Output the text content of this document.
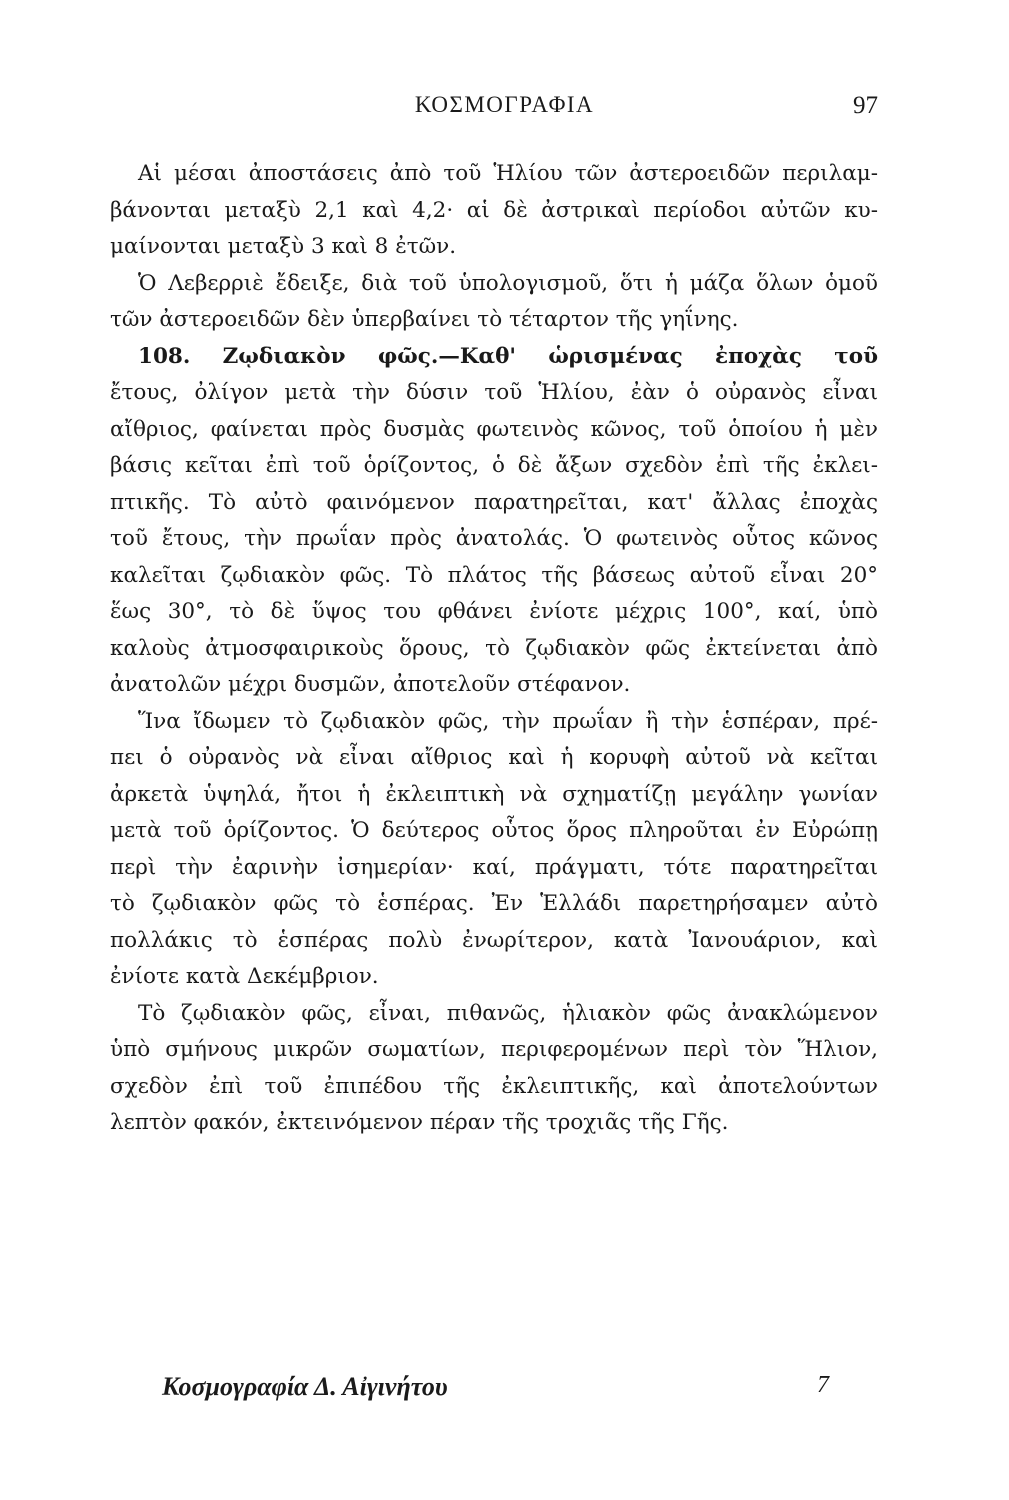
ΚΟΣΜΟΓΡΑΦΙΑ	97
Αἱ μέσαι ἀποστάσεις ἀπὸ τοῦ Ἡλίου τῶν ἀστεροειδῶν περιλαμ-
βάνονται μεταξὺ 2,1 καὶ 4,2· αἱ δὲ ἀστρικαὶ περίοδοι αὐτῶν κυ-
μαίνονται μεταξὺ 3 καὶ 8 ἐτῶν.
Ὁ Λεβερριὲ ἔδειξε, διὰ τοῦ ὑπολογισμοῦ, ὅτι ἡ μάζα ὅλων ὁμοῦ
τῶν ἀστεροειδῶν δὲν ὑπερβαίνει τὸ τέταρτον τῆς γηΐνης.
108. Ζῳδιακὸν φῶς.—Καθ' ὡρισμένας ἐποχὰς τοῦ
ἔτους, ὀλίγον μετὰ τὴν δύσιν τοῦ Ἡλίου, ἐὰν ὁ οὐρανὸς εἶναι
αἴθριος, φαίνεται πρὸς δυσμὰς φωτεινὸς κῶνος, τοῦ ὁποίου ἡ μὲν
βάσις κεῖται ἐπὶ τοῦ ὁρίζοντος, ὁ δὲ ἄξων σχεδὸν ἐπὶ τῆς ἐκλει-
πτικῆς. Τὸ αὐτὸ φαινόμενον παρατηρεῖται, κατ' ἄλλας ἐποχὰς
τοῦ ἔτους, τὴν πρωΐαν πρὸς ἀνατολάς. Ὁ φωτεινὸς οὗτος κῶνος
καλεῖται ζῳδιακὸν φῶς. Τὸ πλάτος τῆς βάσεως αὐτοῦ εἶναι 20°
ἕως 30°, τὸ δὲ ὕψος του φθάνει ἐνίοτε μέχρις 100°, καί, ὑπὸ
καλοὺς ἀτμοσφαιρικοὺς ὅρους, τὸ ζῳδιακὸν φῶς ἐκτείνεται ἀπὸ
ἀνατολῶν μέχρι δυσμῶν, ἀποτελοῦν στέφανον.
Ἵνα ἴδωμεν τὸ ζῳδιακὸν φῶς, τὴν πρωΐαν ἢ τὴν ἑσπέραν, πρέ-
πει ὁ οὐρανὸς νὰ εἶναι αἴθριος καὶ ἡ κορυφὴ αὐτοῦ νὰ κεῖται
ἀρκετὰ ὑψηλά, ἤτοι ἡ ἐκλειπτικὴ νὰ σχηματίζῃ μεγάλην γωνίαν
μετὰ τοῦ ὁρίζοντος. Ὁ δεύτερος οὗτος ὅρος πληροῦται ἐν Εὐρώπῃ
περὶ τὴν ἐαρινὴν ἰσημερίαν· καί, πράγματι, τότε παρατηρεῖται
τὸ ζῳδιακὸν φῶς τὸ ἑσπέρας. Ἐν Ἑλλάδι παρετηρήσαμεν αὐτὸ
πολλάκις τὸ ἑσπέρας πολὺ ἐνωρίτερον, κατὰ Ἰανουάριον, καὶ
ἐνίοτε κατὰ Δεκέμβριον.
Τὸ ζῳδιακὸν φῶς, εἶναι, πιθανῶς, ἡλιακὸν φῶς ἀνακλώμενον
ὑπὸ σμήνους μικρῶν σωματίων, περιφερομένων περὶ τὸν Ἥλιον,
σχεδὸν ἐπὶ τοῦ ἐπιπέδου τῆς ἐκλειπτικῆς, καὶ ἀποτελούντων
λεπτὸν φακόν, ἐκτεινόμενον πέραν τῆς τροχιᾶς τῆς Γῆς.
Κοσμογραφία Δ. Αἰγινήτου	7
